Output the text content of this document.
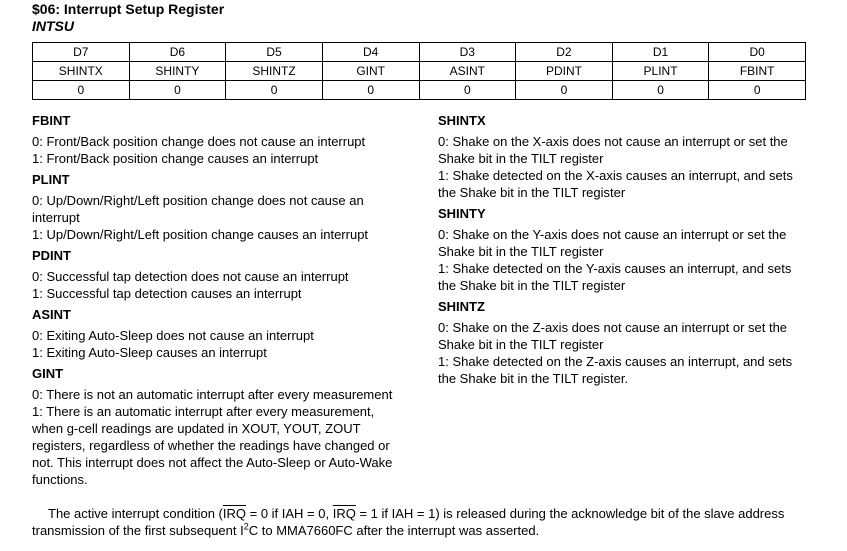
$06: Interrupt Setup Register
INTSU
D7	D6	D5	D4	D3	D2	D1	D0
SHINTX	SHINTY	SHINTZ	GINT	ASINT	PDINT	PLINT	FBINT
0	0	0	0	0	0	0	0
FBINT
0: Front/Back position change does not cause an interrupt
1: Front/Back position change causes an interrupt
PLINT
0: Up/Down/Right/Left position change does not cause an interrupt
1: Up/Down/Right/Left position change causes an interrupt
PDINT
0: Successful tap detection does not cause an interrupt
1: Successful tap detection causes an interrupt
ASINT
0: Exiting Auto-Sleep does not cause an interrupt
1: Exiting Auto-Sleep causes an interrupt
GINT
0: There is not an automatic interrupt after every measurement
1: There is an automatic interrupt after every measurement, when g-cell readings are updated in XOUT, YOUT, ZOUT registers, regardless of whether the readings have changed or not. This interrupt does not affect the Auto-Sleep or Auto-Wake functions.
SHINTX
0: Shake on the X-axis does not cause an interrupt or set the Shake bit in the TILT register
1: Shake detected on the X-axis causes an interrupt, and sets the Shake bit in the TILT register
SHINTY
0: Shake on the Y-axis does not cause an interrupt or set the Shake bit in the TILT register
1: Shake detected on the Y-axis causes an interrupt, and sets the Shake bit in the TILT register
SHINTZ
0: Shake on the Z-axis does not cause an interrupt or set the Shake bit in the TILT register
1: Shake detected on the Z-axis causes an interrupt, and sets the Shake bit in the TILT register.
The active interrupt condition ($\overline{IRQ} = 0$ if IAH = 0, $\overline{IRQ} = 1$ if IAH = 1) is released during the acknowledge bit of the slave address transmission of the first subsequent $I^2C$ to MMA7660FC after the interrupt was asserted.
